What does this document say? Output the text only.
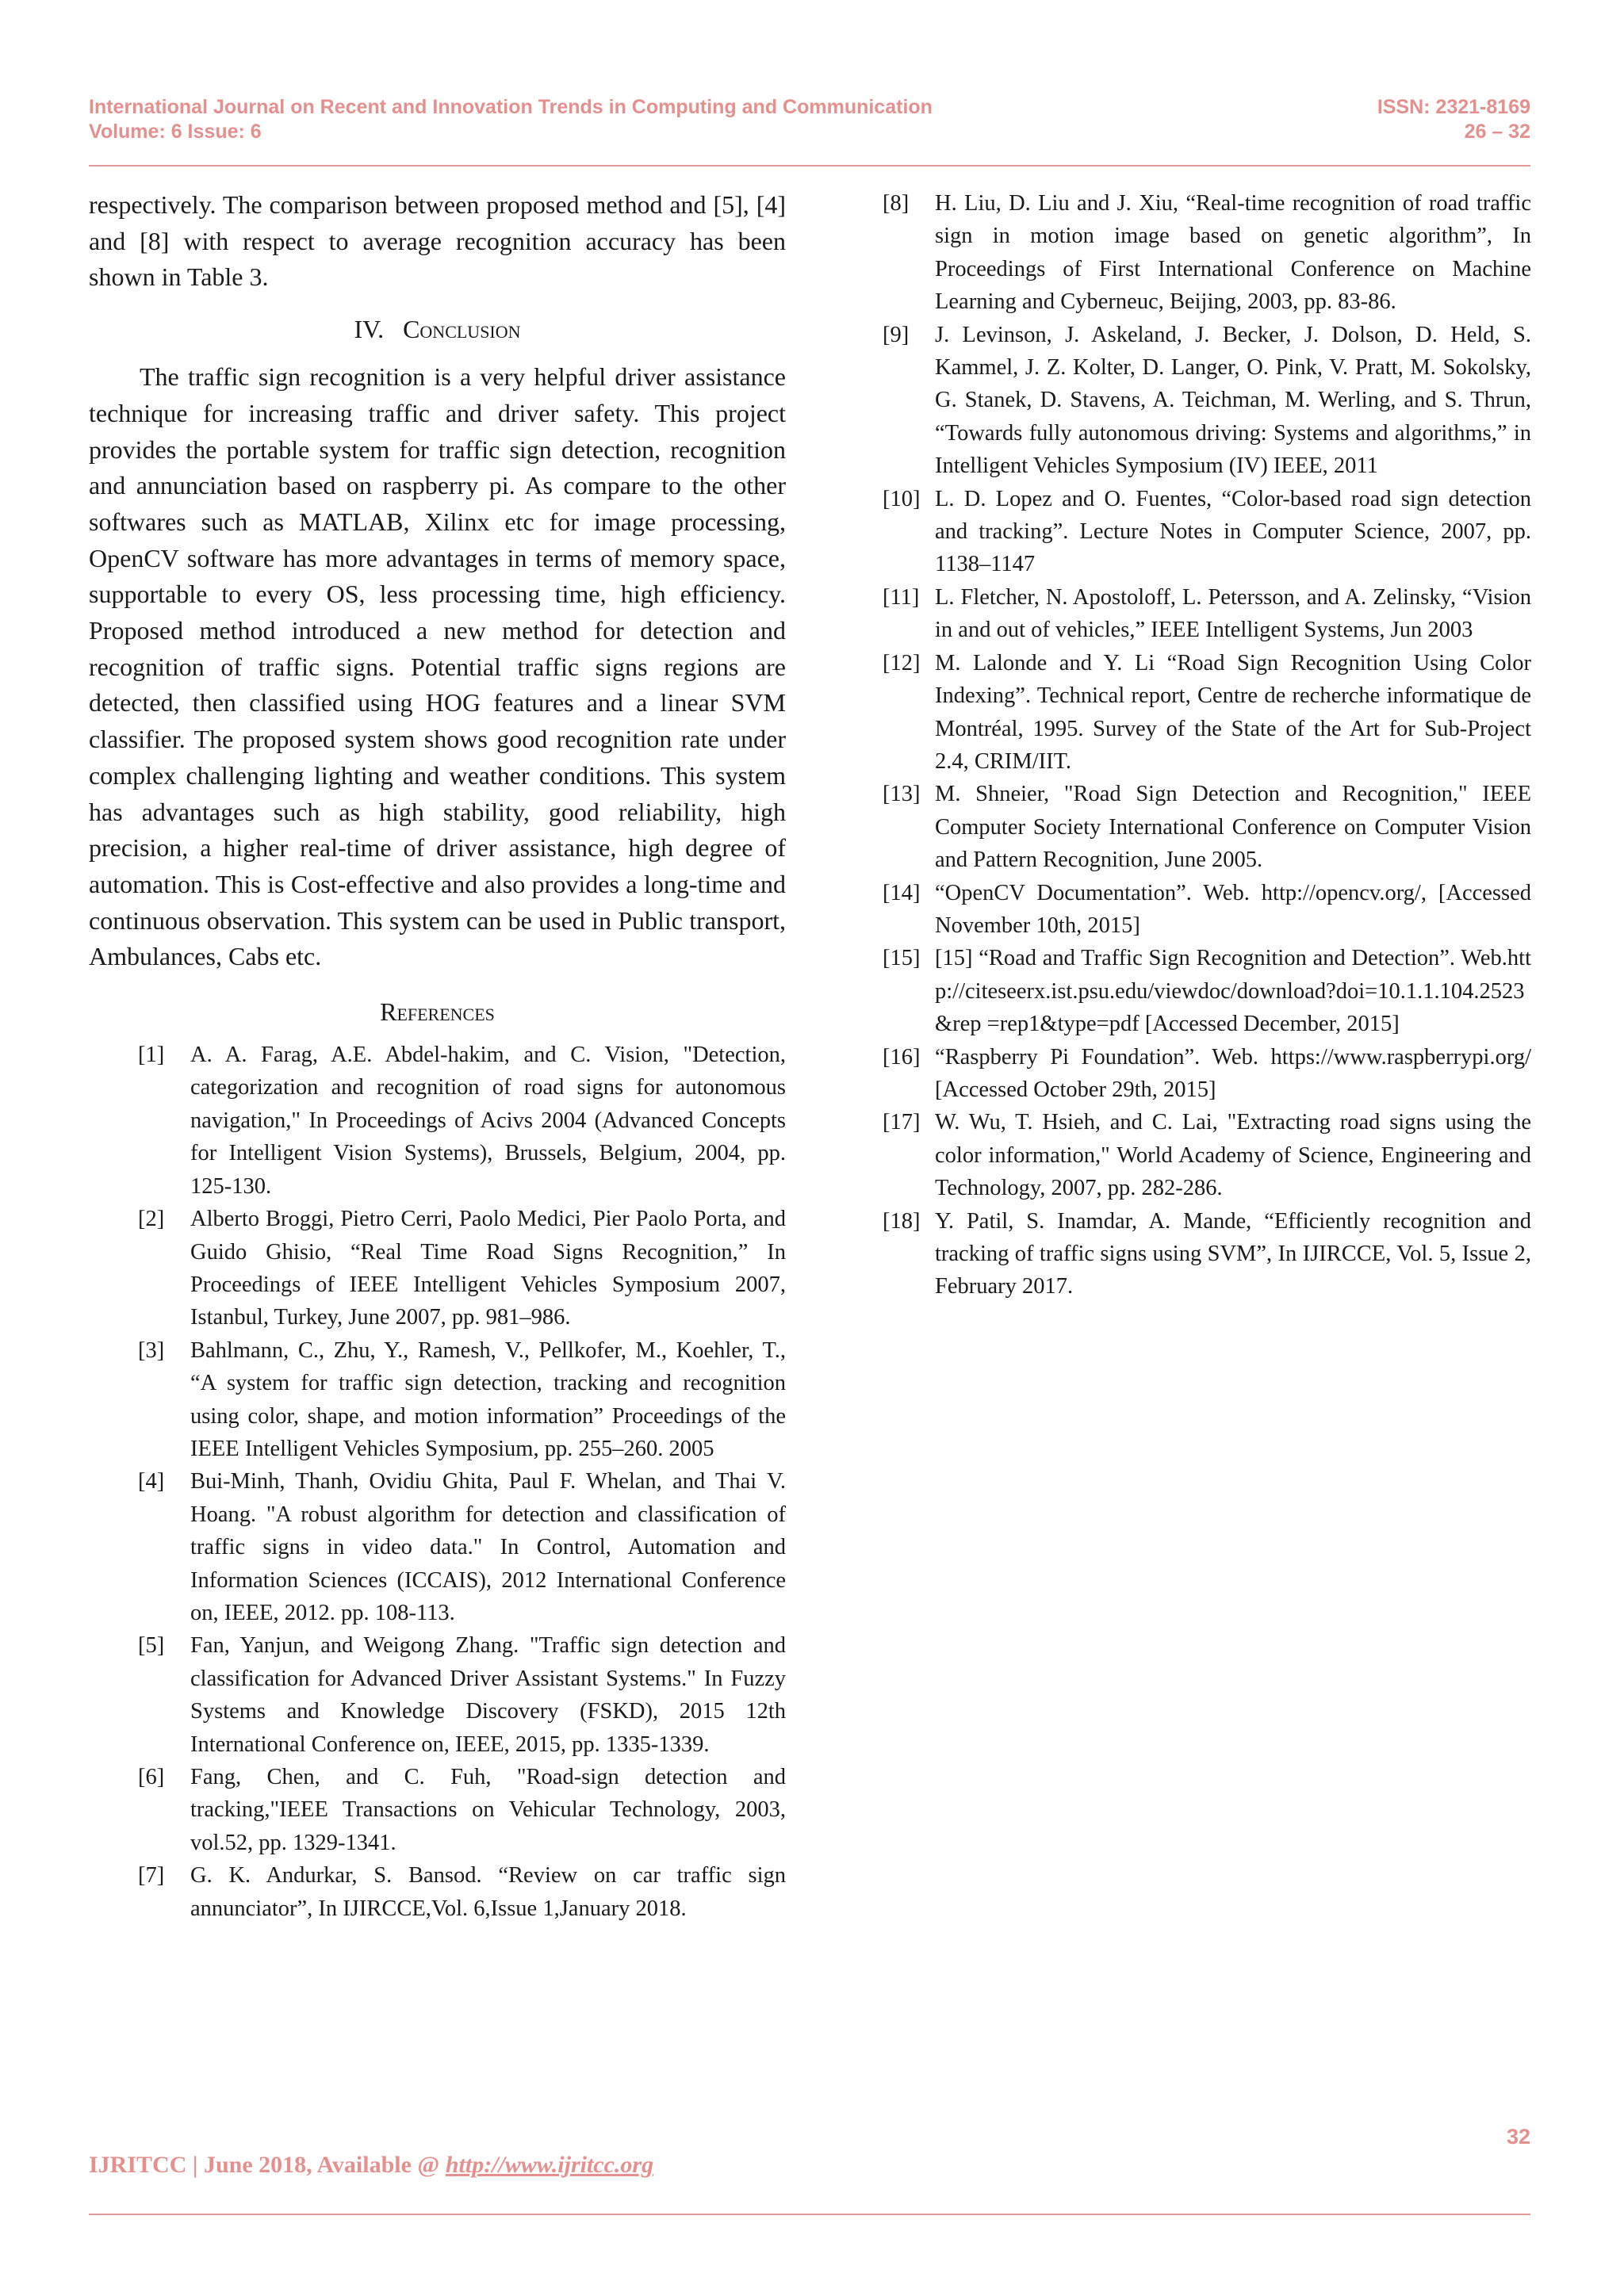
International Journal on Recent and Innovation Trends in Computing and Communication
Volume: 6 Issue: 6
ISSN: 2321-8169
26 – 32

respectively. The comparison between proposed method and [5], [4] and [8] with respect to average recognition accuracy has been shown in Table 3.

IV. Conclusion

The traffic sign recognition is a very helpful driver assistance technique for increasing traffic and driver safety. This project provides the portable system for traffic sign detection, recognition and annunciation based on raspberry pi. As compare to the other softwares such as MATLAB, Xilinx etc for image processing, OpenCV software has more advantages in terms of memory space, supportable to every OS, less processing time, high efficiency. Proposed method introduced a new method for detection and recognition of traffic signs. Potential traffic signs regions are detected, then classified using HOG features and a linear SVM classifier. The proposed system shows good recognition rate under complex challenging lighting and weather conditions. This system has advantages such as high stability, good reliability, high precision, a higher real-time of driver assistance, high degree of automation. This is Cost-effective and also provides a long-time and continuous observation. This system can be used in Public transport, Ambulances, Cabs etc.

References
[1]	A. A. Farag, A.E. Abdel-hakim, and C. Vision, "Detection, categorization and recognition of road signs for autonomous navigation," In Proceedings of Acivs 2004 (Advanced Concepts for Intelligent Vision Systems), Brussels, Belgium, 2004, pp. 125-130.
[2]	Alberto Broggi, Pietro Cerri, Paolo Medici, Pier Paolo Porta, and Guido Ghisio, “Real Time Road Signs Recognition,” In Proceedings of IEEE Intelligent Vehicles Symposium 2007, Istanbul, Turkey, June 2007, pp. 981–986.
[3]	Bahlmann, C., Zhu, Y., Ramesh, V., Pellkofer, M., Koehler, T., “A system for traffic sign detection, tracking and recognition using color, shape, and motion information” Proceedings of the IEEE Intelligent Vehicles Symposium, pp. 255–260. 2005
[4]	Bui-Minh, Thanh, Ovidiu Ghita, Paul F. Whelan, and Thai V. Hoang. "A robust algorithm for detection and classification of traffic signs in video data." In Control, Automation and Information Sciences (ICCAIS), 2012 International Conference on, IEEE, 2012. pp. 108-113.
[5]	Fan, Yanjun, and Weigong Zhang. "Traffic sign detection and classification for Advanced Driver Assistant Systems." In Fuzzy Systems and Knowledge Discovery (FSKD), 2015 12th International Conference on, IEEE, 2015, pp. 1335-1339.
[6]	Fang, Chen, and C. Fuh, "Road-sign detection and tracking,"IEEE Transactions on Vehicular Technology, 2003, vol.52, pp. 1329-1341.
[7]	G. K. Andurkar, S. Bansod. “Review on car traffic sign annunciator”, In IJIRCCE,Vol. 6,Issue 1,January 2018.
[8]	H. Liu, D. Liu and J. Xiu, “Real-time recognition of road traffic sign in motion image based on genetic algorithm”, In Proceedings of First International Conference on Machine Learning and Cyberneuc, Beijing, 2003, pp. 83-86.
[9]	J. Levinson, J. Askeland, J. Becker, J. Dolson, D. Held, S. Kammel, J. Z. Kolter, D. Langer, O. Pink, V. Pratt, M. Sokolsky, G. Stanek, D. Stavens, A. Teichman, M. Werling, and S. Thrun, “Towards fully autonomous driving: Systems and algorithms,” in Intelligent Vehicles Symposium (IV) IEEE, 2011
[10] L. D. Lopez and O. Fuentes, “Color-based road sign detection and tracking”. Lecture Notes in Computer Science, 2007, pp. 1138–1147
[11] L. Fletcher, N. Apostoloff, L. Petersson, and A. Zelinsky, “Vision in and out of vehicles,” IEEE Intelligent Systems, Jun 2003
[12] M. Lalonde and Y. Li “Road Sign Recognition Using Color Indexing”. Technical report, Centre de recherche informatique de Montréal, 1995. Survey of the State of the Art for Sub-Project 2.4, CRIM/IIT.
[13] M. Shneier, "Road Sign Detection and Recognition," IEEE Computer Society International Conference on Computer Vision and Pattern Recognition, June 2005.
[14] “OpenCV Documentation”. Web. http://opencv.org/, [Accessed November 10th, 2015]
[15] [15] “Road and Traffic Sign Recognition and Detection”. Web.http://citeseerx.ist.psu.edu/viewdoc/download?doi=10.1.1.104.2523&rep =rep1&type=pdf [Accessed December, 2015]
[16] “Raspberry Pi Foundation”. Web. https://www.raspberrypi.org/ [Accessed October 29th, 2015]
[17] W. Wu, T. Hsieh, and C. Lai, "Extracting road signs using the color information," World Academy of Science, Engineering and Technology, 2007, pp. 282-286.
[18] Y. Patil, S. Inamdar, A. Mande, “Efficiently recognition and tracking of traffic signs using SVM”, In IJIRCCE, Vol. 5, Issue 2, February 2017.
32
IJRITCC | June 2018, Available @ http://www.ijritcc.org
